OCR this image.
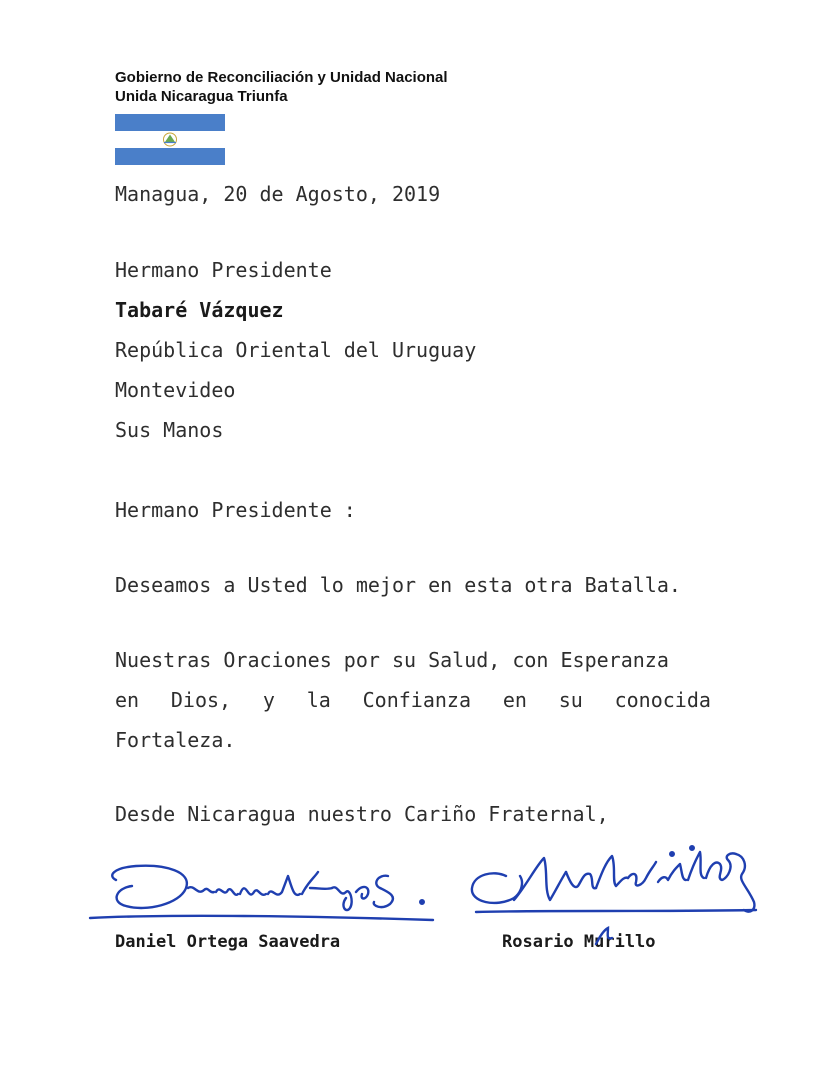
Gobierno de Reconciliación y Unidad Nacional
Unida Nicaragua Triunfa
Managua, 20 de Agosto, 2019
Hermano Presidente
Tabaré Vázquez
República Oriental del Uruguay
Montevideo
Sus Manos
Hermano Presidente :
Deseamos a Usted lo mejor en esta otra Batalla.
Nuestras Oraciones por su Salud, con Esperanza
en Dios, y la Confianza en su conocida
Fortaleza.
Desde Nicaragua nuestro Cariño Fraternal,
Daniel Ortega Saavedra	Rosario Murillo
